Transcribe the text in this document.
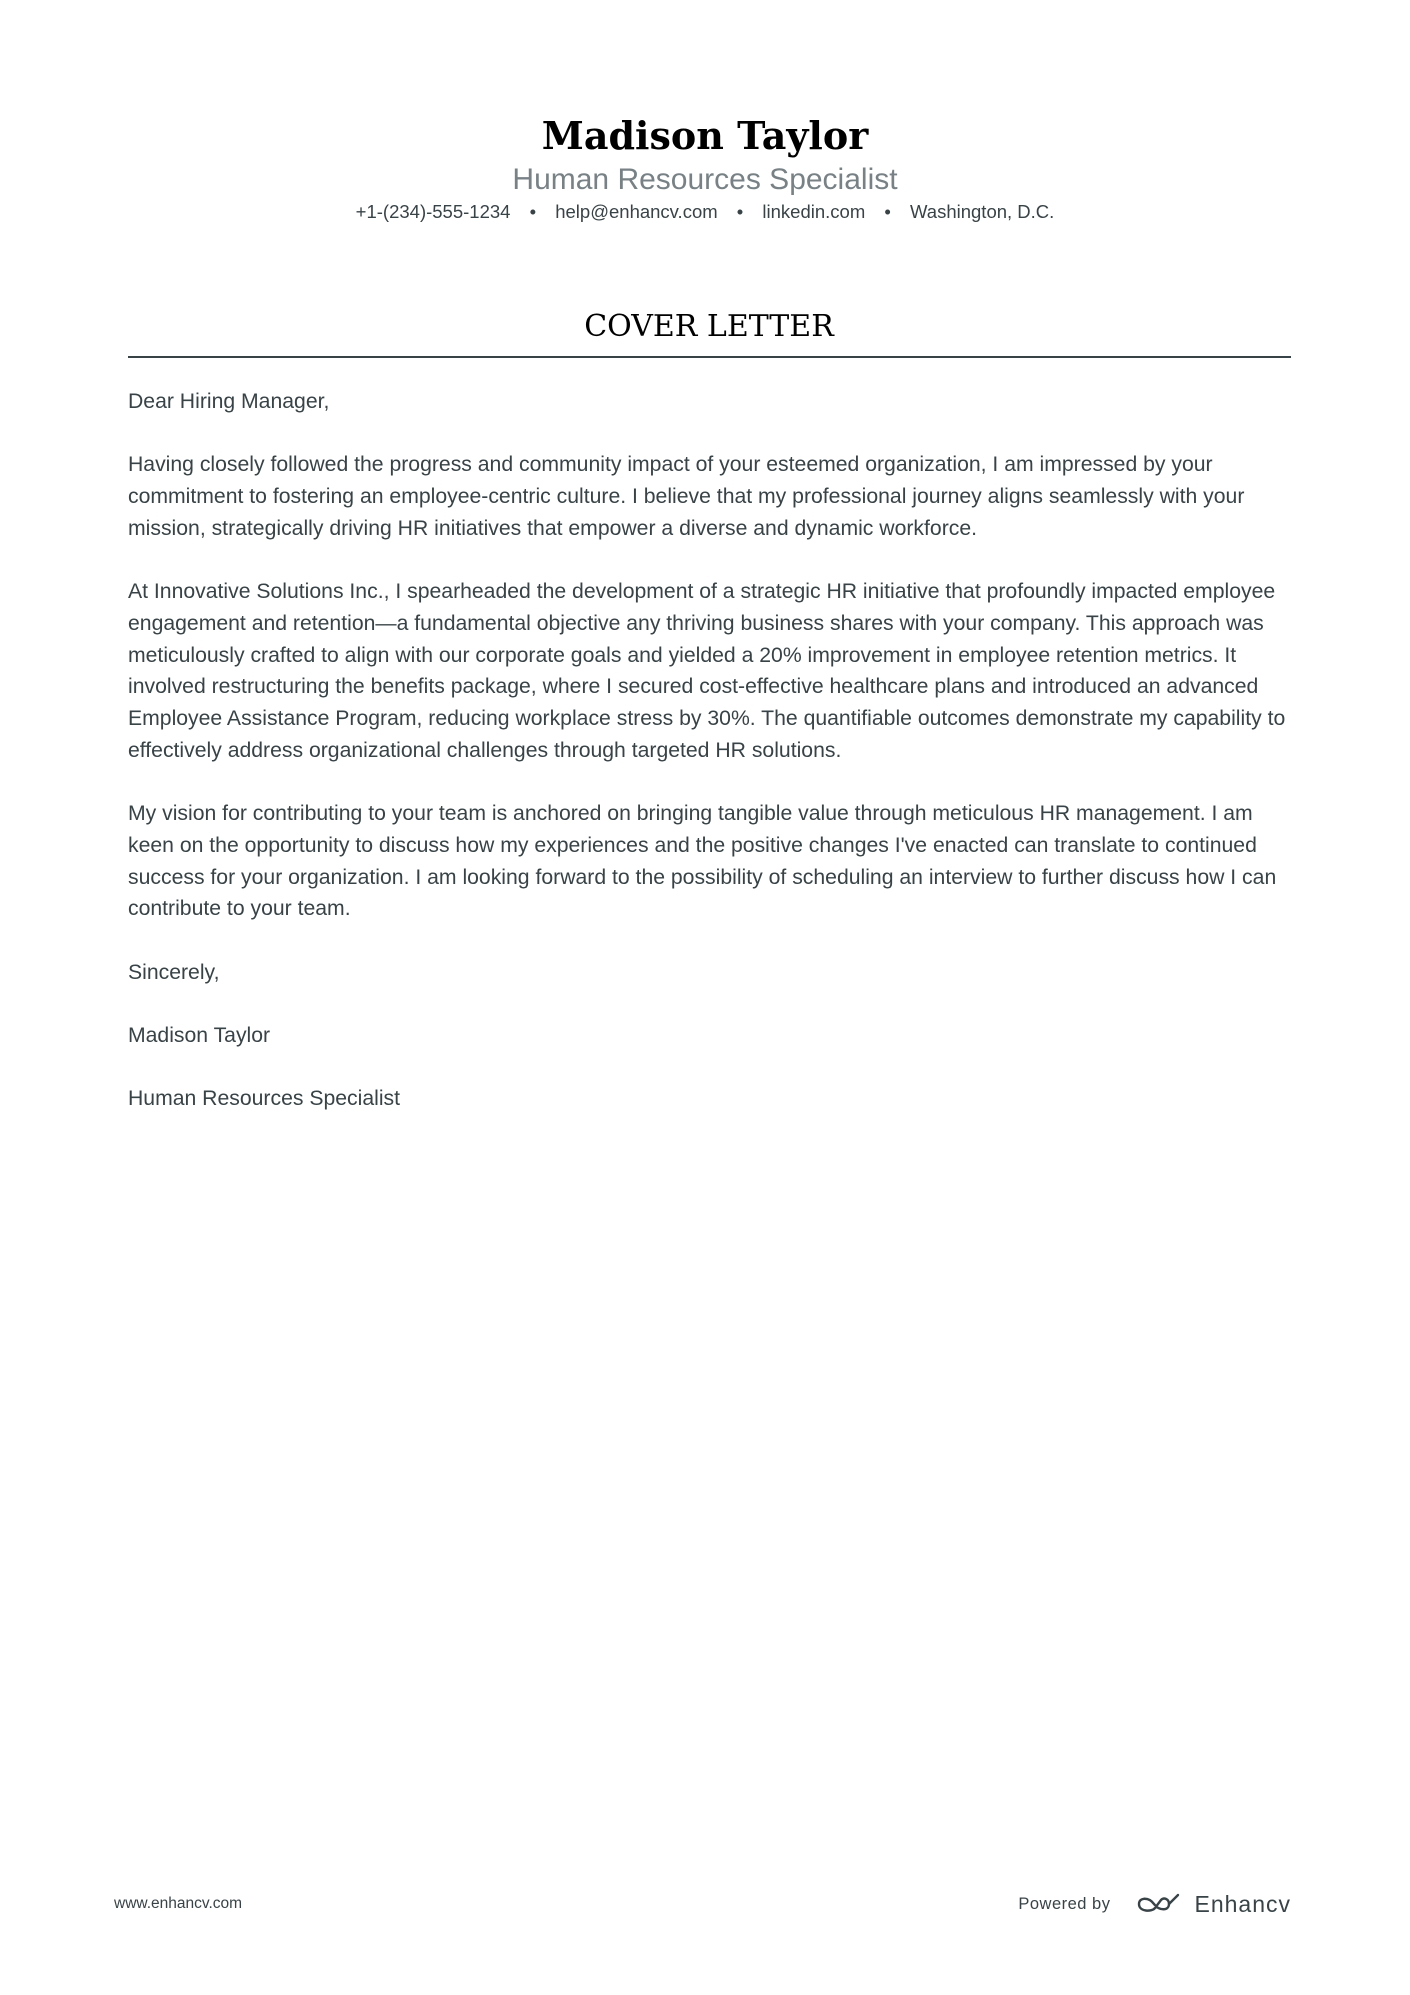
Madison Taylor
Human Resources Specialist
+1-(234)-555-1234 • help@enhancv.com • linkedin.com • Washington, D.C.
COVER LETTER

Dear Hiring Manager,

Having closely followed the progress and community impact of your esteemed organization, I am impressed by your commitment to fostering an employee-centric culture. I believe that my professional journey aligns seamlessly with your mission, strategically driving HR initiatives that empower a diverse and dynamic workforce.

At Innovative Solutions Inc., I spearheaded the development of a strategic HR initiative that profoundly impacted employee engagement and retention—a fundamental objective any thriving business shares with your company. This approach was meticulously crafted to align with our corporate goals and yielded a 20% improvement in employee retention metrics. It involved restructuring the benefits package, where I secured cost-effective healthcare plans and introduced an advanced Employee Assistance Program, reducing workplace stress by 30%. The quantifiable outcomes demonstrate my capability to effectively address organizational challenges through targeted HR solutions.

My vision for contributing to your team is anchored on bringing tangible value through meticulous HR management. I am keen on the opportunity to discuss how my experiences and the positive changes I've enacted can translate to continued success for your organization. I am looking forward to the possibility of scheduling an interview to further discuss how I can contribute to your team.

Sincerely,

Madison Taylor

Human Resources Specialist

www.enhancv.com	Powered by	Enhancv
